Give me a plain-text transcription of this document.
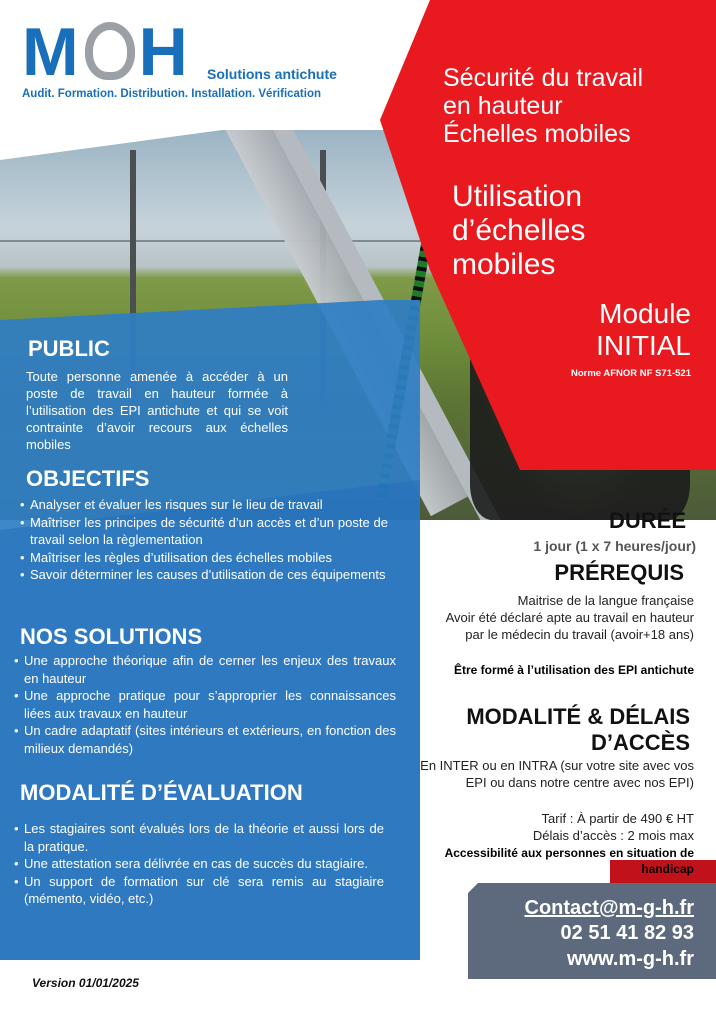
M H Solutions antichute
Audit. Formation. Distribution. Installation. Vérification
Sécurité du travail
en hauteur
Échelles mobiles
Utilisation
d’échelles
mobiles
Module
INITIAL
Norme AFNOR NF S71-521
PUBLIC
Toute personne amenée à accéder à un poste de travail en hauteur formée à l’utilisation des EPI antichute et qui se voit contrainte d’avoir recours aux échelles mobiles
OBJECTIFS
• Analyser et évaluer les risques sur le lieu de travail
• Maîtriser les principes de sécurité d’un accès et d’un poste de travail selon la règlementation
• Maîtriser les règles d’utilisation des échelles mobiles
• Savoir déterminer les causes d’utilisation de ces équipements
NOS SOLUTIONS
• Une approche théorique afin de cerner les enjeux des travaux en hauteur
• Une approche pratique pour s’approprier les connaissances liées aux travaux en hauteur
• Un cadre adaptatif (sites intérieurs et extérieurs, en fonction des milieux demandés)
MODALITÉ D’ÉVALUATION
• Les stagiaires sont évalués lors de la théorie et aussi lors de la pratique.
• Une attestation sera délivrée en cas de succès du stagiaire.
• Un support de formation sur clé sera remis au stagiaire (mémento, vidéo, etc.)
DURÉE
1 jour (1 x 7 heures/jour)
PRÉREQUIS
Maitrise de la langue française
Avoir été déclaré apte au travail en hauteur par le médecin du travail (avoir+18 ans)
Être formé à l’utilisation des EPI antichute
MODALITÉ & DÉLAIS
D’ACCÈS
En INTER ou en INTRA (sur votre site avec vos EPI ou dans notre centre avec nos EPI)
Tarif : À partir de 490 € HT
Délais d’accès : 2 mois max
Accessibilité aux personnes en situation de handicap
Contact@m-g-h.fr
02 51 41 82 93
www.m-g-h.fr
Version 01/01/2025
